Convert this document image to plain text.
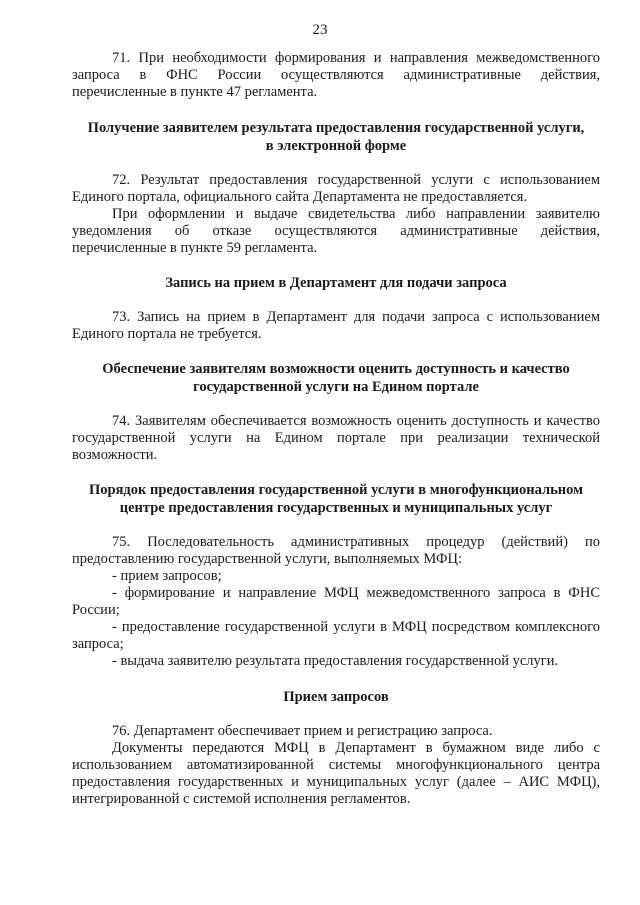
23

71. При необходимости формирования и направления межведомственного запроса в ФНС России осуществляются административные действия, перечисленные в пункте 47 регламента.

Получение заявителем результата предоставления государственной услуги,

в электронной форме

72. Результат предоставления государственной услуги с использованием Единого портала, официального сайта Департамента не предоставляется.

При оформлении и выдаче свидетельства либо направлении заявителю уведомления об отказе осуществляются административные действия, перечисленные в пункте 59 регламента.

Запись на прием в Департамент для подачи запроса

73. Запись на прием в Департамент для подачи запроса с использованием Единого портала не требуется.

Обеспечение заявителям возможности оценить доступность и качество

государственной услуги на Едином портале

74. Заявителям обеспечивается возможность оценить доступность и качество государственной услуги на Едином портале при реализации технической возможности.

Порядок предоставления государственной услуги в многофункциональном

центре предоставления государственных и муниципальных услуг

75. Последовательность административных процедур (действий) по предоставлению государственной услуги, выполняемых МФЦ:

- прием запросов;

- формирование и направление МФЦ межведомственного запроса в ФНС России;

- предоставление государственной услуги в МФЦ посредством комплексного запроса;

- выдача заявителю результата предоставления государственной услуги.

Прием запросов

76. Департамент обеспечивает прием и регистрацию запроса.

Документы передаются МФЦ в Департамент в бумажном виде либо с использованием автоматизированной системы многофункционального центра предоставления государственных и муниципальных услуг (далее – АИС МФЦ), интегрированной с системой исполнения регламентов.
